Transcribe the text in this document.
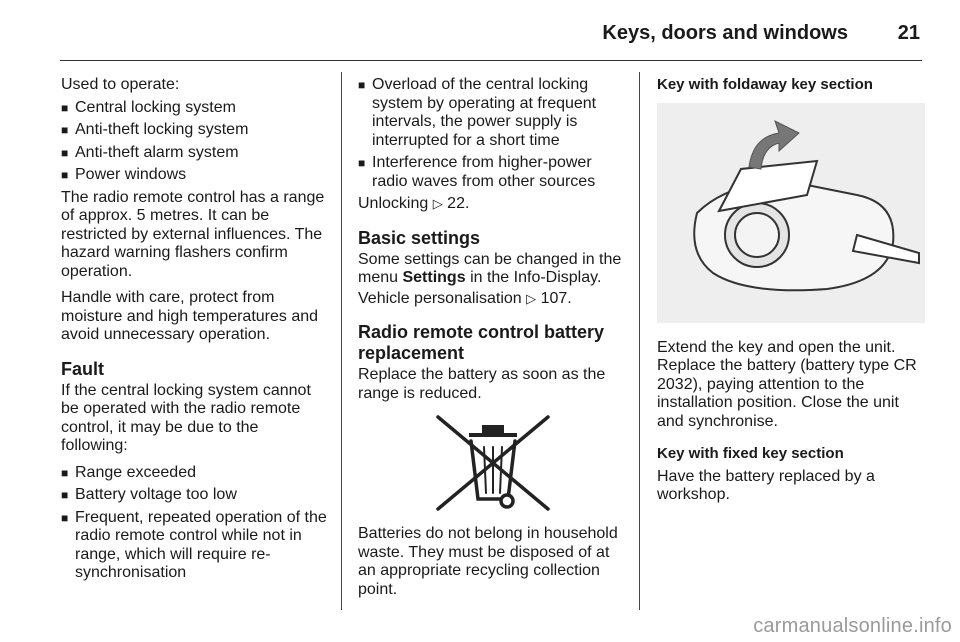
Keys, doors and windows 21

Used to operate:

■ Central locking system
■ Anti-theft locking system
■ Anti-theft alarm system
■ Power windows

The radio remote control has a range of approx. 5 metres. It can be restricted by external influences. The hazard warning flashers confirm operation.

Handle with care, protect from moisture and high temperatures and avoid unnecessary operation.

Fault

If the central locking system cannot be operated with the radio remote control, it may be due to the following:

■ Range exceeded
■ Battery voltage too low
■ Frequent, repeated operation of the radio remote control while not in range, which will require re-synchronisation
■ Overload of the central locking system by operating at frequent intervals, the power supply is interrupted for a short time
■ Interference from higher-power radio waves from other sources

Unlocking ▷ 22.

Basic settings

Some settings can be changed in the menu Settings in the Info-Display.

Vehicle personalisation ▷ 107.

Radio remote control battery replacement

Replace the battery as soon as the range is reduced.

Batteries do not belong in household waste. They must be disposed of at an appropriate recycling collection point.

Key with foldaway key section

Extend the key and open the unit. Replace the battery (battery type CR 2032), paying attention to the installation position. Close the unit and synchronise.

Key with fixed key section

Have the battery replaced by a workshop.

carmanualsonline.info
